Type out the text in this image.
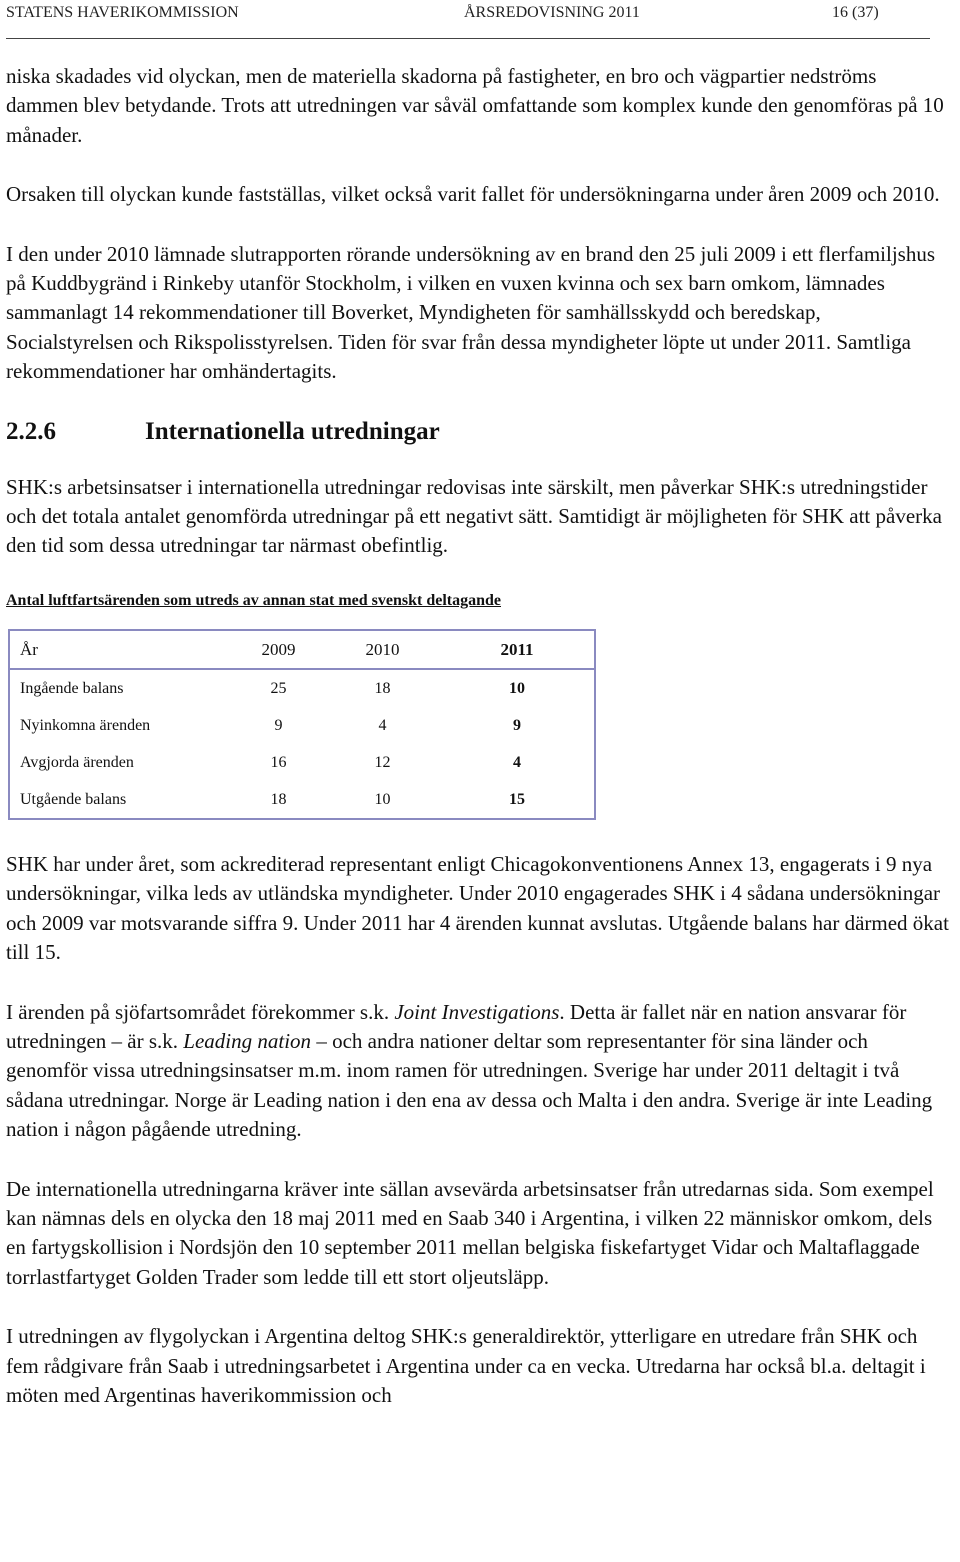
STATENS HAVERIKOMMISSION	ÅRSREDOVISNING 2011	16 (37)

niska skadades vid olyckan, men de materiella skadorna på fastigheter, en bro och vägpartier nedströms dammen blev betydande. Trots att utredningen var såväl omfattande som komplex kunde den genomföras på 10 månader.

Orsaken till olyckan kunde fastställas, vilket också varit fallet för undersökningarna under åren 2009 och 2010.

I den under 2010 lämnade slutrapporten rörande undersökning av en brand den 25 juli 2009 i ett flerfamiljshus på Kuddbygränd i Rinkeby utanför Stockholm, i vilken en vuxen kvinna och sex barn omkom, lämnades sammanlagt 14 rekommendationer till Boverket, Myndigheten för samhällsskydd och beredskap, Socialstyrelsen och Rikspolisstyrelsen. Tiden för svar från dessa myndigheter löpte ut under 2011. Samtliga rekommendationer har omhändertagits.

2.2.6	Internationella utredningar

SHK:s arbetsinsatser i internationella utredningar redovisas inte särskilt, men påverkar SHK:s utredningstider och det totala antalet genomförda utredningar på ett negativt sätt. Samtidigt är möjligheten för SHK att påverka den tid som dessa utredningar tar närmast obefintlig.

Antal luftfartsärenden som utreds av annan stat med svenskt deltagande
År	2009	2010	2011
Ingående balans	25	18	10
Nyinkomna ärenden	9	4	9
Avgjorda ärenden	16	12	4
Utgående balans	18	10	15

SHK har under året, som ackrediterad representant enligt Chicagokonventionens Annex 13, engagerats i 9 nya undersökningar, vilka leds av utländska myndigheter. Under 2010 engagerades SHK i 4 sådana undersökningar och 2009 var motsvarande siffra 9. Under 2011 har 4 ärenden kunnat avslutas. Utgående balans har därmed ökat till 15.

I ärenden på sjöfartsområdet förekommer s.k. Joint Investigations. Detta är fallet när en nation ansvarar för utredningen – är s.k. Leading nation – och andra nationer deltar som representanter för sina länder och genomför vissa utredningsinsatser m.m. inom ramen för utredningen. Sverige har under 2011 deltagit i två sådana utredningar. Norge är Leading nation i den ena av dessa och Malta i den andra. Sverige är inte Leading nation i någon pågående utredning.

De internationella utredningarna kräver inte sällan avsevärda arbetsinsatser från utredarnas sida. Som exempel kan nämnas dels en olycka den 18 maj 2011 med en Saab 340 i Argentina, i vilken 22 människor omkom, dels en fartygskollision i Nordsjön den 10 september 2011 mellan belgiska fiskefartyget Vidar och Maltaflaggade torrlastfartyget Golden Trader som ledde till ett stort oljeutsläpp.

I utredningen av flygolyckan i Argentina deltog SHK:s generaldirektör, ytterligare en utredare från SHK och fem rådgivare från Saab i utredningsarbetet i Argentina under ca en vecka. Utredarna har också bl.a. deltagit i möten med Argentinas haverikommission och
